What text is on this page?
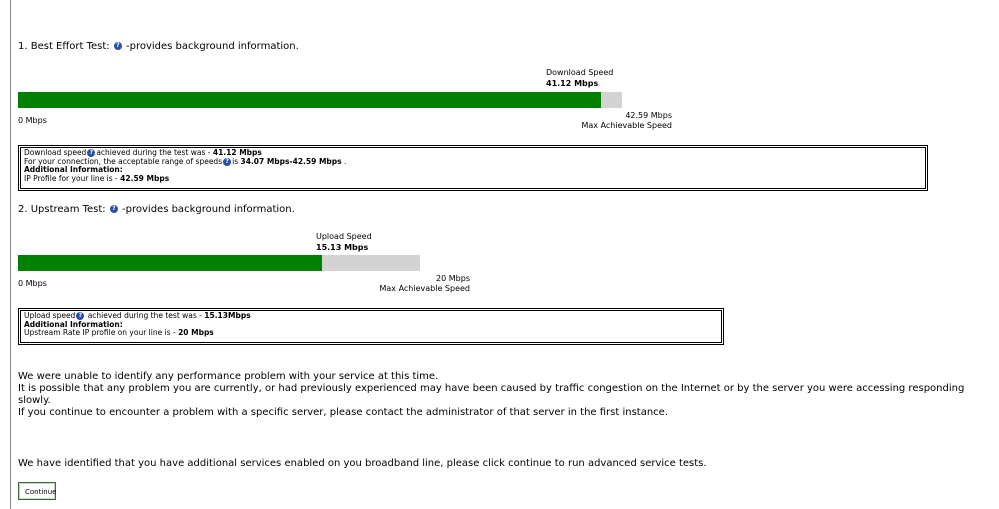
1. Best Effort Test: ? -provides background information.
Download Speed
41.12 Mbps
0 Mbps
42.59 Mbps
Max Achievable Speed
Download speed ? achieved during the test was - 41.12 Mbps
For your connection, the acceptable range of speeds ? is 34.07 Mbps-42.59 Mbps .
Additional Information:
IP Profile for your line is - 42.59 Mbps
2. Upstream Test: ? -provides background information.
Upload Speed
15.13 Mbps
0 Mbps
20 Mbps
Max Achievable Speed
Upload speed ? achieved during the test was - 15.13Mbps
Additional Information:
Upstream Rate IP profile on your line is - 20 Mbps
We were unable to identify any performance problem with your service at this time.
It is possible that any problem you are currently, or had previously experienced may have been caused by traffic congestion on the Internet or by the server you were accessing responding slowly.
If you continue to encounter a problem with a specific server, please contact the administrator of that server in the first instance.
We have identified that you have additional services enabled on you broadband line, please click continue to run advanced service tests.
Continue
